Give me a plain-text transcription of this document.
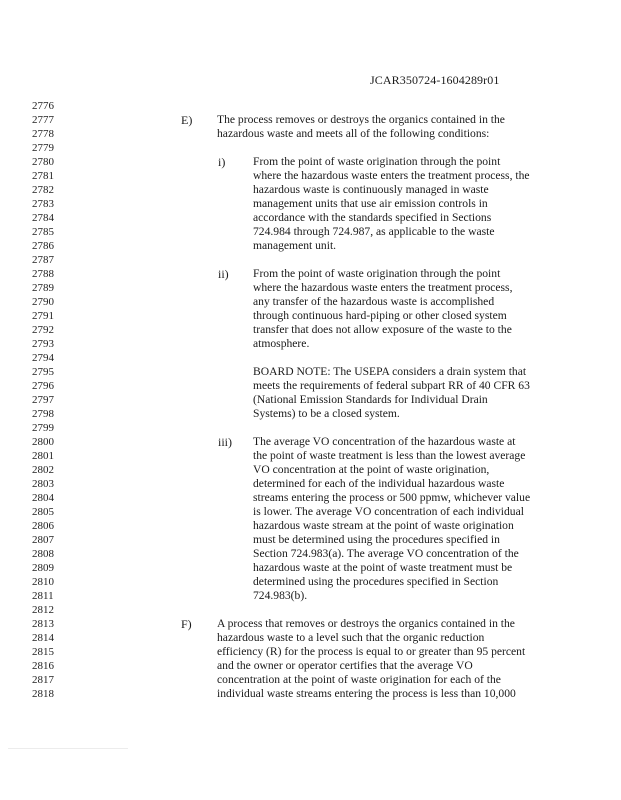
JCAR350724-1604289r01
2776
2777
2778
2779
2780
2781
2782
2783
2784
2785
2786
2787
2788
2789
2790
2791
2792
2793
2794
2795
2796
2797
2798
2799
2800
2801
2802
2803
2804
2805
2806
2807
2808
2809
2810
2811
2812
2813
2814
2815
2816
2817
2818
E) The process removes or destroys the organics contained in the
hazardous waste and meets all of the following conditions:
i) From the point of waste origination through the point
where the hazardous waste enters the treatment process, the
hazardous waste is continuously managed in waste
management units that use air emission controls in
accordance with the standards specified in Sections
724.984 through 724.987, as applicable to the waste
management unit.
ii) From the point of waste origination through the point
where the hazardous waste enters the treatment process,
any transfer of the hazardous waste is accomplished
through continuous hard-piping or other closed system
transfer that does not allow exposure of the waste to the
atmosphere.
BOARD NOTE: The USEPA considers a drain system that
meets the requirements of federal subpart RR of 40 CFR 63
(National Emission Standards for Individual Drain
Systems) to be a closed system.
iii) The average VO concentration of the hazardous waste at
the point of waste treatment is less than the lowest average
VO concentration at the point of waste origination,
determined for each of the individual hazardous waste
streams entering the process or 500 ppmw, whichever value
is lower. The average VO concentration of each individual
hazardous waste stream at the point of waste origination
must be determined using the procedures specified in
Section 724.983(a). The average VO concentration of the
hazardous waste at the point of waste treatment must be
determined using the procedures specified in Section
724.983(b).
F) A process that removes or destroys the organics contained in the
hazardous waste to a level such that the organic reduction
efficiency (R) for the process is equal to or greater than 95 percent
and the owner or operator certifies that the average VO
concentration at the point of waste origination for each of the
individual waste streams entering the process is less than 10,000
